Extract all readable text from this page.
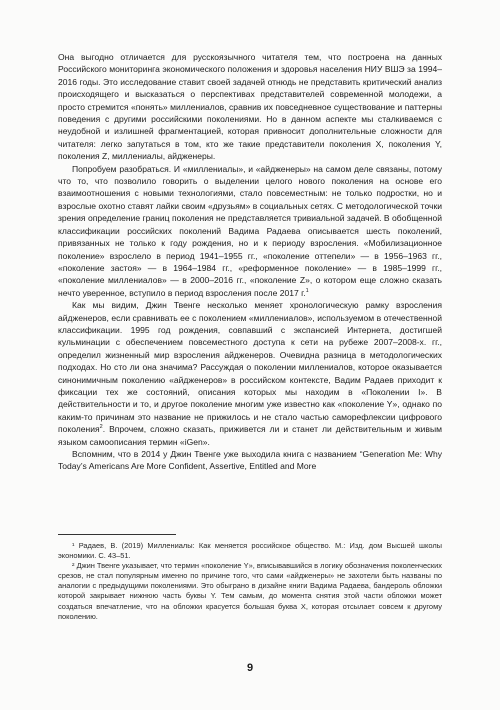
Она выгодно отличается для русскоязычного читателя тем, что построена на данных Российского мониторинга экономического положения и здоровья населения НИУ ВШЭ за 1994–2016 годы. Это исследование ставит своей задачей отнюдь не представить критический анализ происходящего и высказаться о перспективах представителей современной молодежи, а просто стремится «понять» миллениалов, сравнив их повседневное существование и паттерны поведения с другими российскими поколениями. Но в данном аспекте мы сталкиваемся с неудобной и излишней фрагментацией, которая привносит дополнительные сложности для читателя: легко запутаться в том, кто же такие представители поколения X, поколения Y, поколения Z, миллениалы, айдженеры.

Попробуем разобраться. И «миллениалы», и «айдженеры» на самом деле связаны, потому что то, что позволило говорить о выделении целого нового поколения на основе его взаимоотношения с новыми технологиями, стало повсеместным: не только подростки, но и взрослые охотно ставят лайки своим «друзьям» в социальных сетях. С методологической точки зрения определение границ поколения не представляется тривиальной задачей. В обобщенной классификации российских поколений Вадима Радаева описывается шесть поколений, привязанных не только к году рождения, но и к периоду взросления. «Мобилизационное поколение» взрослело в период 1941–1955 гг., «поколение оттепели» — в 1956–1963 гг., «поколение застоя» — в 1964–1984 гг., «реформенное поколение» — в 1985–1999 гг., «поколение миллениалов» — в 2000–2016 гг., «поколение Z», о котором еще сложно сказать нечто уверенное, вступило в период взросления после 2017 г.$^1$

Как мы видим, Джин Твенге несколько меняет хронологическую рамку взросления айдженеров, если сравнивать ее с поколением «миллениалов», используемом в отечественной классификации. 1995 год рождения, совпавший с экспансией Интернета, достигшей кульминации с обеспечением повсеместного доступа к сети на рубеже 2007–2008-х. гг., определил жизненный мир взросления айдженеров. Очевидна разница в методологических подходах. Но сто ли она значима? Рассуждая о поколении миллениалов, которое оказывается синонимичным поколению «айдженеров» в российском контексте, Вадим Радаев приходит к фиксации тех же состояний, описания которых мы находим в «Поколении I». В действительности и то, и другое поколение многим уже известно как «поколение Y», однако по каким-то причинам это название не прижилось и не стало частью саморефлексии цифрового поколения$^2$. Впрочем, сложно сказать, приживется ли и станет ли действительным и живым языком самоописания термин «iGen».

Вспомним, что в 2014 у Джин Твенге уже выходила книга с названием “Generation Me: Why Today’s Americans Are More Confident, Assertive, Entitled and More

¹ Радаев, В. (2019) Миллениалы: Как меняется российское общество. М.: Изд. дом Высшей школы экономики. С. 43–51.

² Джин Твенге указывает, что термин «поколение Y», вписывавшийся в логику обозначения поколенческих срезов, не стал популярным именно по причине того, что сами «айдженеры» не захотели быть названы по аналогии с предыдущими поколениями. Это обыграно в дизайне книги Вадима Радаева, бандероль обложки которой закрывает нижнюю часть буквы Y. Тем самым, до момента снятия этой части обложки может создаться впечатление, что на обложки красуется большая буква X, которая отсылает совсем к другому поколению.

9
